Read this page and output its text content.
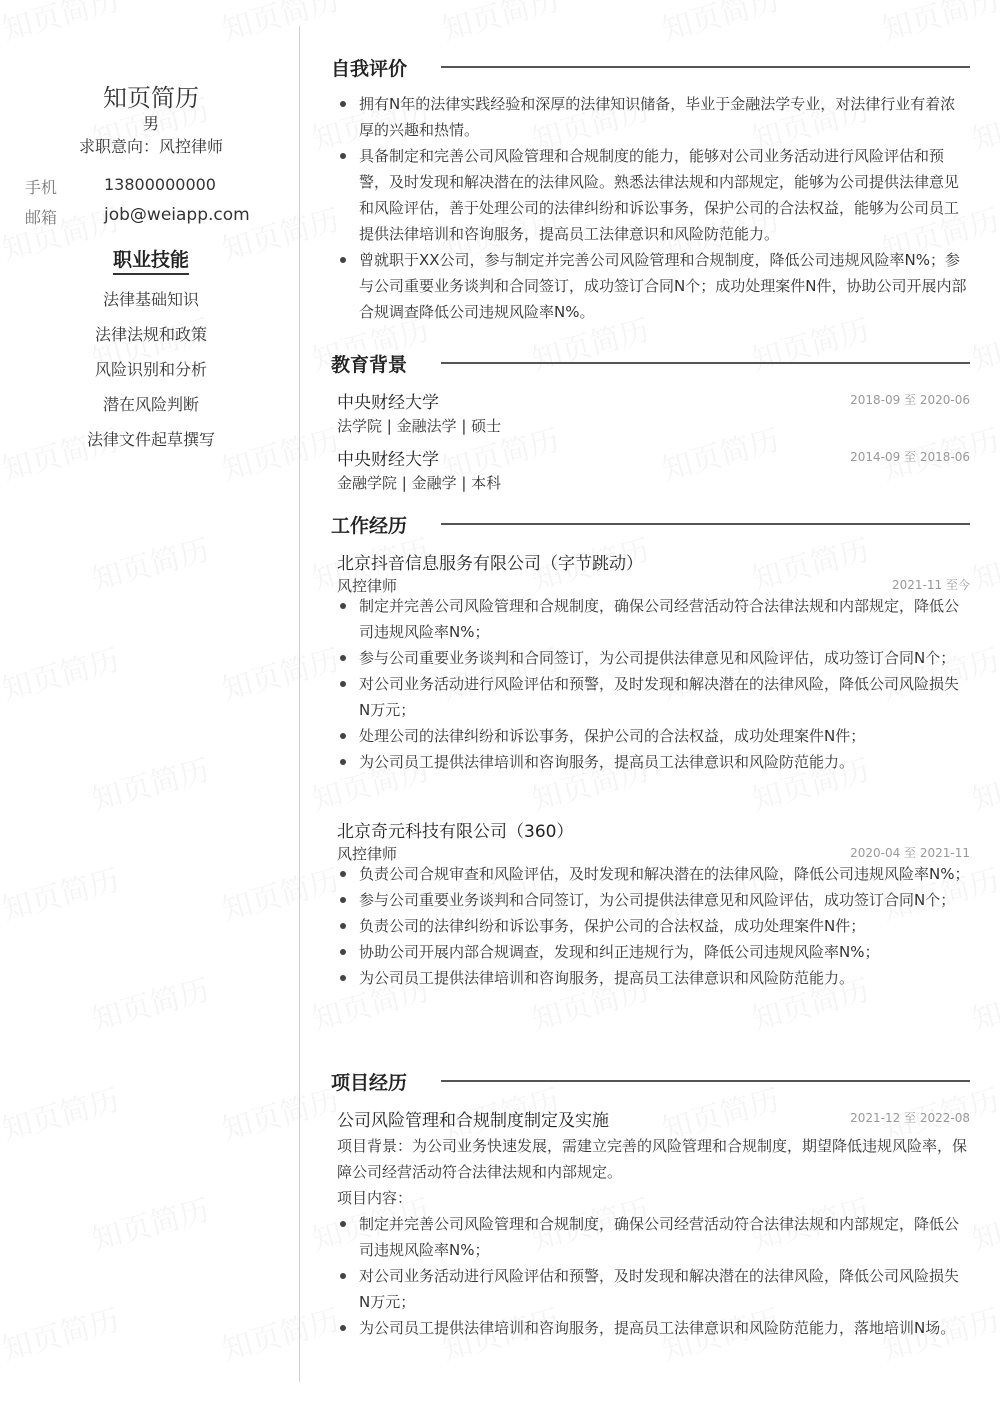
知页简历
男
求职意向：风控律师
手机	13800000000
邮箱	job@weiapp.com
职业技能
法律基础知识
法律法规和政策
风险识别和分析
潜在风险判断
法律文件起草撰写
自我评价
拥有N年的法律实践经验和深厚的法律知识储备，毕业于金融法学专业，对法律行业有着浓厚的兴趣和热情。
具备制定和完善公司风险管理和合规制度的能力，能够对公司业务活动进行风险评估和预警，及时发现和解决潜在的法律风险。熟悉法律法规和内部规定，能够为公司提供法律意见和风险评估，善于处理公司的法律纠纷和诉讼事务，保护公司的合法权益，能够为公司员工提供法律培训和咨询服务，提高员工法律意识和风险防范能力。
曾就职于XX公司，参与制定并完善公司风险管理和合规制度，降低公司违规风险率N%；参与公司重要业务谈判和合同签订，成功签订合同N个；成功处理案件N件，协助公司开展内部合规调查降低公司违规风险率N%。
教育背景
中央财经大学
法学院 | 金融法学 | 硕士
2018-09 至 2020-06
中央财经大学
金融学院 | 金融学 | 本科
2014-09 至 2018-06
工作经历
北京抖音信息服务有限公司（字节跳动）
风控律师	2021-11 至今
制定并完善公司风险管理和合规制度，确保公司经营活动符合法律法规和内部规定，降低公司违规风险率N%；
参与公司重要业务谈判和合同签订，为公司提供法律意见和风险评估，成功签订合同N个；
对公司业务活动进行风险评估和预警，及时发现和解决潜在的法律风险，降低公司风险损失N万元；
处理公司的法律纠纷和诉讼事务，保护公司的合法权益，成功处理案件N件；
为公司员工提供法律培训和咨询服务，提高员工法律意识和风险防范能力。
北京奇元科技有限公司（360）
风控律师	2020-04 至 2021-11
负责公司合规审查和风险评估，及时发现和解决潜在的法律风险，降低公司违规风险率N%；
参与公司重要业务谈判和合同签订，为公司提供法律意见和风险评估，成功签订合同N个；
负责公司的法律纠纷和诉讼事务，保护公司的合法权益，成功处理案件N件；
协助公司开展内部合规调查，发现和纠正违规行为，降低公司违规风险率N%；
为公司员工提供法律培训和咨询服务，提高员工法律意识和风险防范能力。
项目经历
公司风险管理和合规制度制定及实施	2021-12 至 2022-08
项目背景：为公司业务快速发展，需建立完善的风险管理和合规制度，期望降低违规风险率，保障公司经营活动符合法律法规和内部规定。
项目内容：
制定并完善公司风险管理和合规制度，确保公司经营活动符合法律法规和内部规定，降低公司违规风险率N%；
对公司业务活动进行风险评估和预警，及时发现和解决潜在的法律风险，降低公司风险损失N万元；
为公司员工提供法律培训和咨询服务，提高员工法律意识和风险防范能力，落地培训N场。
